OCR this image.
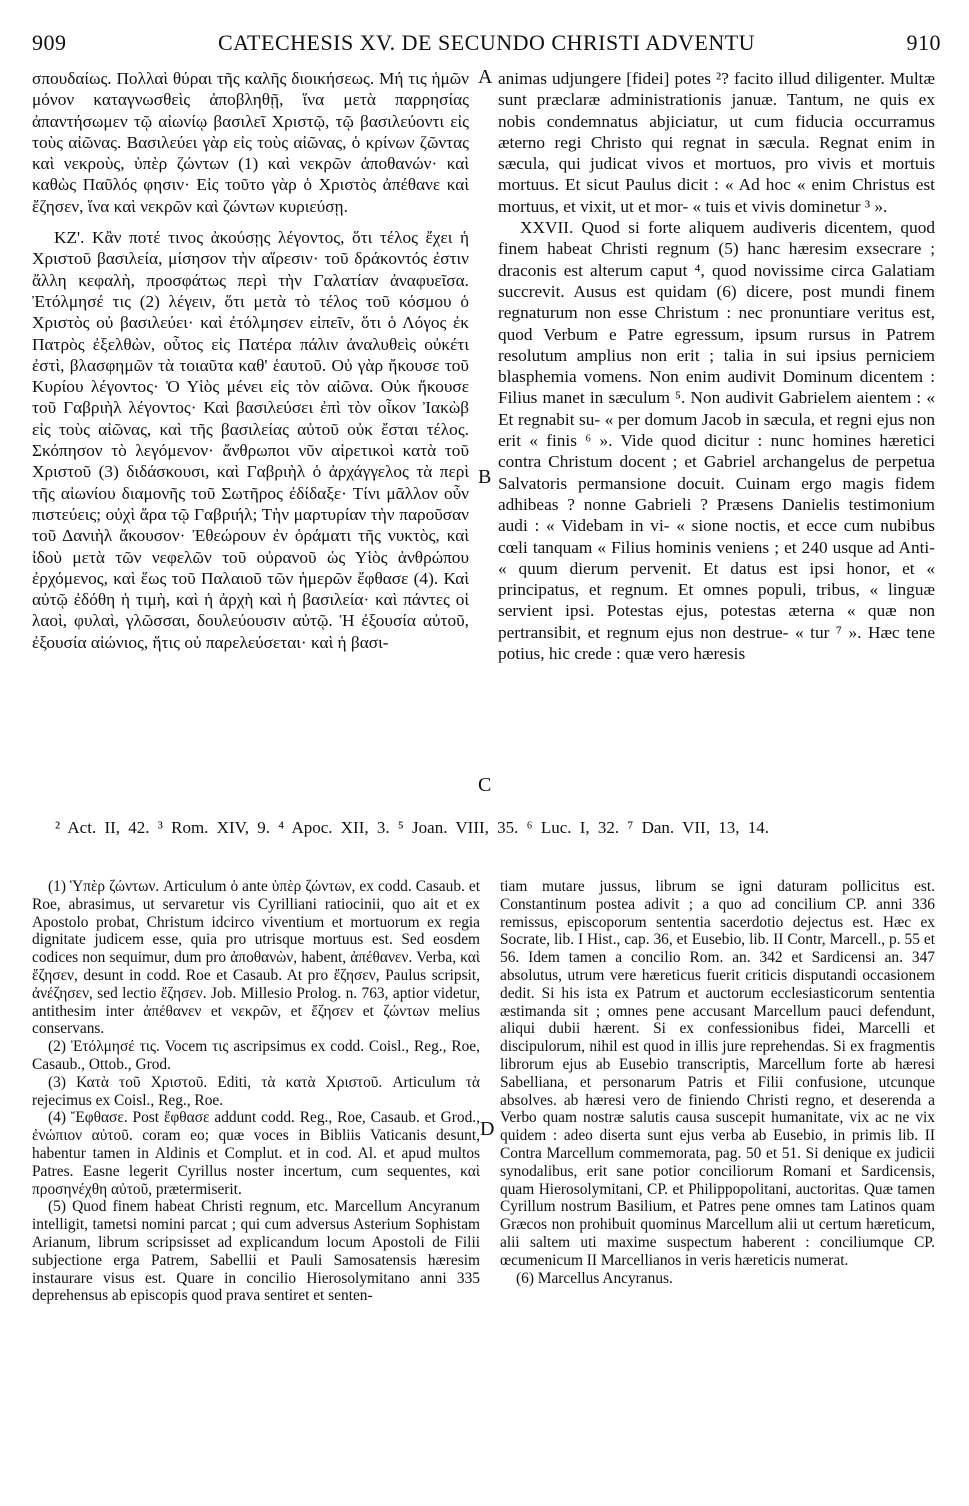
909	CATECHESIS XV. DE SECUNDO CHRISTI ADVENTU	910

σπουδαίως. Πολλαὶ θύραι τῆς καλῆς διοικήσεως. Μή τις ἡμῶν μόνον καταγνωσθεὶς ἀποβληθῇ, ἵνα μετὰ παρρησίας ἀπαντήσωμεν τῷ αἰωνίῳ βασιλεῖ Χριστῷ, τῷ βασιλεύοντι εἰς τοὺς αἰῶνας. Βασιλεύει γὰρ εἰς τοὺς αἰῶνας, ὁ κρίνων ζῶντας καὶ νεκροὺς, ὑπὲρ ζώντων (1) καὶ νεκρῶν ἀποθανών· καὶ καθὼς Παῦλός φησιν· Εἰς τοῦτο γὰρ ὁ Χριστὸς ἀπέθανε καὶ ἔζησεν, ἵνα καὶ νεκρῶν καὶ ζώντων κυριεύσῃ.

ΚΖ'. Κἂν ποτέ τινος ἀκούσῃς λέγοντος, ὅτι τέλος ἔχει ἡ Χριστοῦ βασιλεία, μίσησον τὴν αἵρεσιν· τοῦ δράκοντός ἐστιν ἄλλη κεφαλὴ, προσφάτως περὶ τὴν Γαλατίαν ἀναφυεῖσα. Ἐτόλμησέ τις (2) λέγειν, ὅτι μετὰ τὸ τέλος τοῦ κόσμου ὁ Χριστὸς οὐ βασιλεύει· καὶ ἐτόλμησεν εἰπεῖν, ὅτι ὁ Λόγος ἐκ Πατρὸς ἐξελθὼν, οὗτος εἰς Πατέρα πάλιν ἀναλυθεὶς οὐκέτι ἐστὶ, βλασφημῶν τὰ τοιαῦτα καθ' ἑαυτοῦ. Οὐ γὰρ ἤκουσε τοῦ Κυρίου λέγοντος· Ὁ Υἱὸς μένει εἰς τὸν αἰῶνα. Οὐκ ἤκουσε τοῦ Γαβριὴλ λέγοντος· Καὶ βασιλεύσει ἐπὶ τὸν οἶκον Ἰακὼβ εἰς τοὺς αἰῶνας, καὶ τῆς βασιλείας αὐτοῦ οὐκ ἔσται τέλος. Σκόπησον τὸ λεγόμενον· ἄνθρωποι νῦν αἱρετικοὶ κατὰ τοῦ Χριστοῦ (3) διδάσκουσι, καὶ Γαβριὴλ ὁ ἀρχάγγελος τὰ περὶ τῆς αἰωνίου διαμονῆς τοῦ Σωτῆρος ἐδίδαξε· Τίνι μᾶλλον οὖν πιστεύεις; οὐχὶ ἄρα τῷ Γαβριήλ; Τὴν μαρτυρίαν τὴν παροῦσαν τοῦ Δανιὴλ ἄκουσον· Ἐθεώρουν ἐν ὁράματι τῆς νυκτὸς, καὶ ἰδοὺ μετὰ τῶν νεφελῶν τοῦ οὐρανοῦ ὡς Υἱὸς ἀνθρώπου ἐρχόμενος, καὶ ἕως τοῦ Παλαιοῦ τῶν ἡμερῶν ἔφθασε (4). Καὶ αὐτῷ ἐδόθη ἡ τιμὴ, καὶ ἡ ἀρχὴ καὶ ἡ βασιλεία· καὶ πάντες οἱ λαοὶ, φυλαὶ, γλῶσσαι, δουλεύουσιν αὐτῷ. Ἡ ἐξουσία αὐτοῦ, ἐξουσία αἰώνιος, ἥτις οὐ παρελεύσεται· καὶ ἡ βασι-

animas udjungere [fidei] potes ²? facito illud diligenter. Multæ sunt præclaræ administrationis januæ. Tantum, ne quis ex nobis condemnatus abjiciatur, ut cum fiducia occurramus æterno regi Christo qui regnat in sæcula. Regnat enim in sæcula, qui judicat vivos et mortuos, pro vivis et mortuis mortuus. Et sicut Paulus dicit : « Ad hoc « enim Christus est mortuus, et vixit, ut et mor- « tuis et vivis dominetur ³ ».

XXVII. Quod si forte aliquem audiveris dicentem, quod finem habeat Christi regnum (5) hanc hæresim exsecrare ; draconis est alterum caput ⁴, quod novissime circa Galatiam succrevit. Ausus est quidam (6) dicere, post mundi finem regnaturum non esse Christum : nec pronuntiare veritus est, quod Verbum e Patre egressum, ipsum rursus in Patrem resolutum amplius non erit ; talia in sui ipsius perniciem blasphemia vomens. Non enim audivit Dominum dicentem : Filius manet in sæculum ⁵. Non audivit Gabrielem aientem : « Et regnabit su- « per domum Jacob in sæcula, et regni ejus non erit « finis ⁶ ». Vide quod dicitur : nunc homines hæretici contra Christum docent ; et Gabriel archangelus de perpetua Salvatoris permansione docuit. Cuinam ergo magis fidem adhibeas ? nonne Gabrieli ? Præsens Danielis testimonium audi : « Videbam in vi- « sione noctis, et ecce cum nubibus cœli tanquam « Filius hominis veniens ; et 240 usque ad Anti- « quum dierum pervenit. Et datus est ipsi honor, et « principatus, et regnum. Et omnes populi, tribus, « linguæ servient ipsi. Potestas ejus, potestas æterna « quæ non pertransibit, et regnum ejus non destrue- « tur ⁷ ». Hæc tene potius, hic crede : quæ vero hæresis

A
B
C
D
² Act. II, 42. ³ Rom. XIV, 9. ⁴ Apoc. XII, 3. ⁵ Joan. VIII, 35. ⁶ Luc. I, 32. ⁷ Dan. VII, 13, 14.

(1) Ὑπὲρ ζώντων. Articulum ὁ ante ὑπὲρ ζώντων, ex codd. Casaub. et Roe, abrasimus, ut servaretur vis Cyrilliani ratiocinii, quo ait et ex Apostolo probat, Christum idcirco viventium et mortuorum ex regia dignitate judicem esse, quia pro utrisque mortuus est. Sed eosdem codices non sequimur, dum pro ἀποθανὼν, habent, ἀπέθανεν. Verba, καὶ ἔζησεν, desunt in codd. Roe et Casaub. At pro ἔζησεν, Paulus scripsit, ἀνέζησεν, sed lectio ἔζησεν. Job. Millesio Prolog. n. 763, aptior videtur, antithesim inter ἀπέθανεν et νεκρῶν, et ἔζησεν et ζώντων melius conservans.

(2) Ἐτόλμησέ τις. Vocem τις ascripsimus ex codd. Coisl., Reg., Roe, Casaub., Ottob., Grod.

(3) Κατὰ τοῦ Χριστοῦ. Editi, τὰ κατὰ Χριστοῦ. Articulum τὰ rejecimus ex Coisl., Reg., Roe.

(4) Ἔφθασε. Post ἔφθασε addunt codd. Reg., Roe, Casaub. et Grod., ἐνώπιον αὐτοῦ. coram eo; quæ voces in Bibliis Vaticanis desunt, habentur tamen in Aldinis et Complut. et in cod. Al. et apud multos Patres. Easne legerit Cyrillus noster incertum, cum sequentes, καὶ προσηνέχθη αὐτοῦ, prætermiserit.

(5) Quod finem habeat Christi regnum, etc. Marcellum Ancyranum intelligit, tametsi nomini parcat ; qui cum adversus Asterium Sophistam Arianum, librum scripsisset ad explicandum locum Apostoli de Filii subjectione erga Patrem, Sabellii et Pauli Samosatensis hæresim instaurare visus est. Quare in concilio Hierosolymitano anni 335 deprehensus ab episcopis quod prava sentiret et senten-

tiam mutare jussus, librum se igni daturam pollicitus est. Constantinum postea adivit ; a quo ad concilium CP. anni 336 remissus, episcoporum sententia sacerdotio dejectus est. Hæc ex Socrate, lib. I Hist., cap. 36, et Eusebio, lib. II Contr, Marcell., p. 55 et 56. Idem tamen a concilio Rom. an. 342 et Sardicensi an. 347 absolutus, utrum vere hæreticus fuerit criticis disputandi occasionem dedit. Si his ista ex Patrum et auctorum ecclesiasticorum sententia æstimanda sit ; omnes pene accusant Marcellum pauci defendunt, aliqui dubii hærent. Si ex confessionibus fidei, Marcelli et discipulorum, nihil est quod in illis jure reprehendas. Si ex fragmentis librorum ejus ab Eusebio transcriptis, Marcellum forte ab hæresi Sabelliana, et personarum Patris et Filii confusione, utcunque absolves. ab hæresi vero de finiendo Christi regno, et deserenda a Verbo quam nostræ salutis causa suscepit humanitate, vix ac ne vix quidem : adeo diserta sunt ejus verba ab Eusebio, in primis lib. II Contra Marcellum commemorata, pag. 50 et 51. Si denique ex judicii synodalibus, erit sane potior conciliorum Romani et Sardicensis, quam Hierosolymitani, CP. et Philippopolitani, auctoritas. Quæ tamen Cyrillum nostrum Basilium, et Patres pene omnes tam Latinos quam Græcos non prohibuit quominus Marcellum alii ut certum hæreticum, alii saltem uti maxime suspectum haberent : conciliumque CP. œcumenicum II Marcellianos in veris hæreticis numerat.

(6) Marcellus Ancyranus.
